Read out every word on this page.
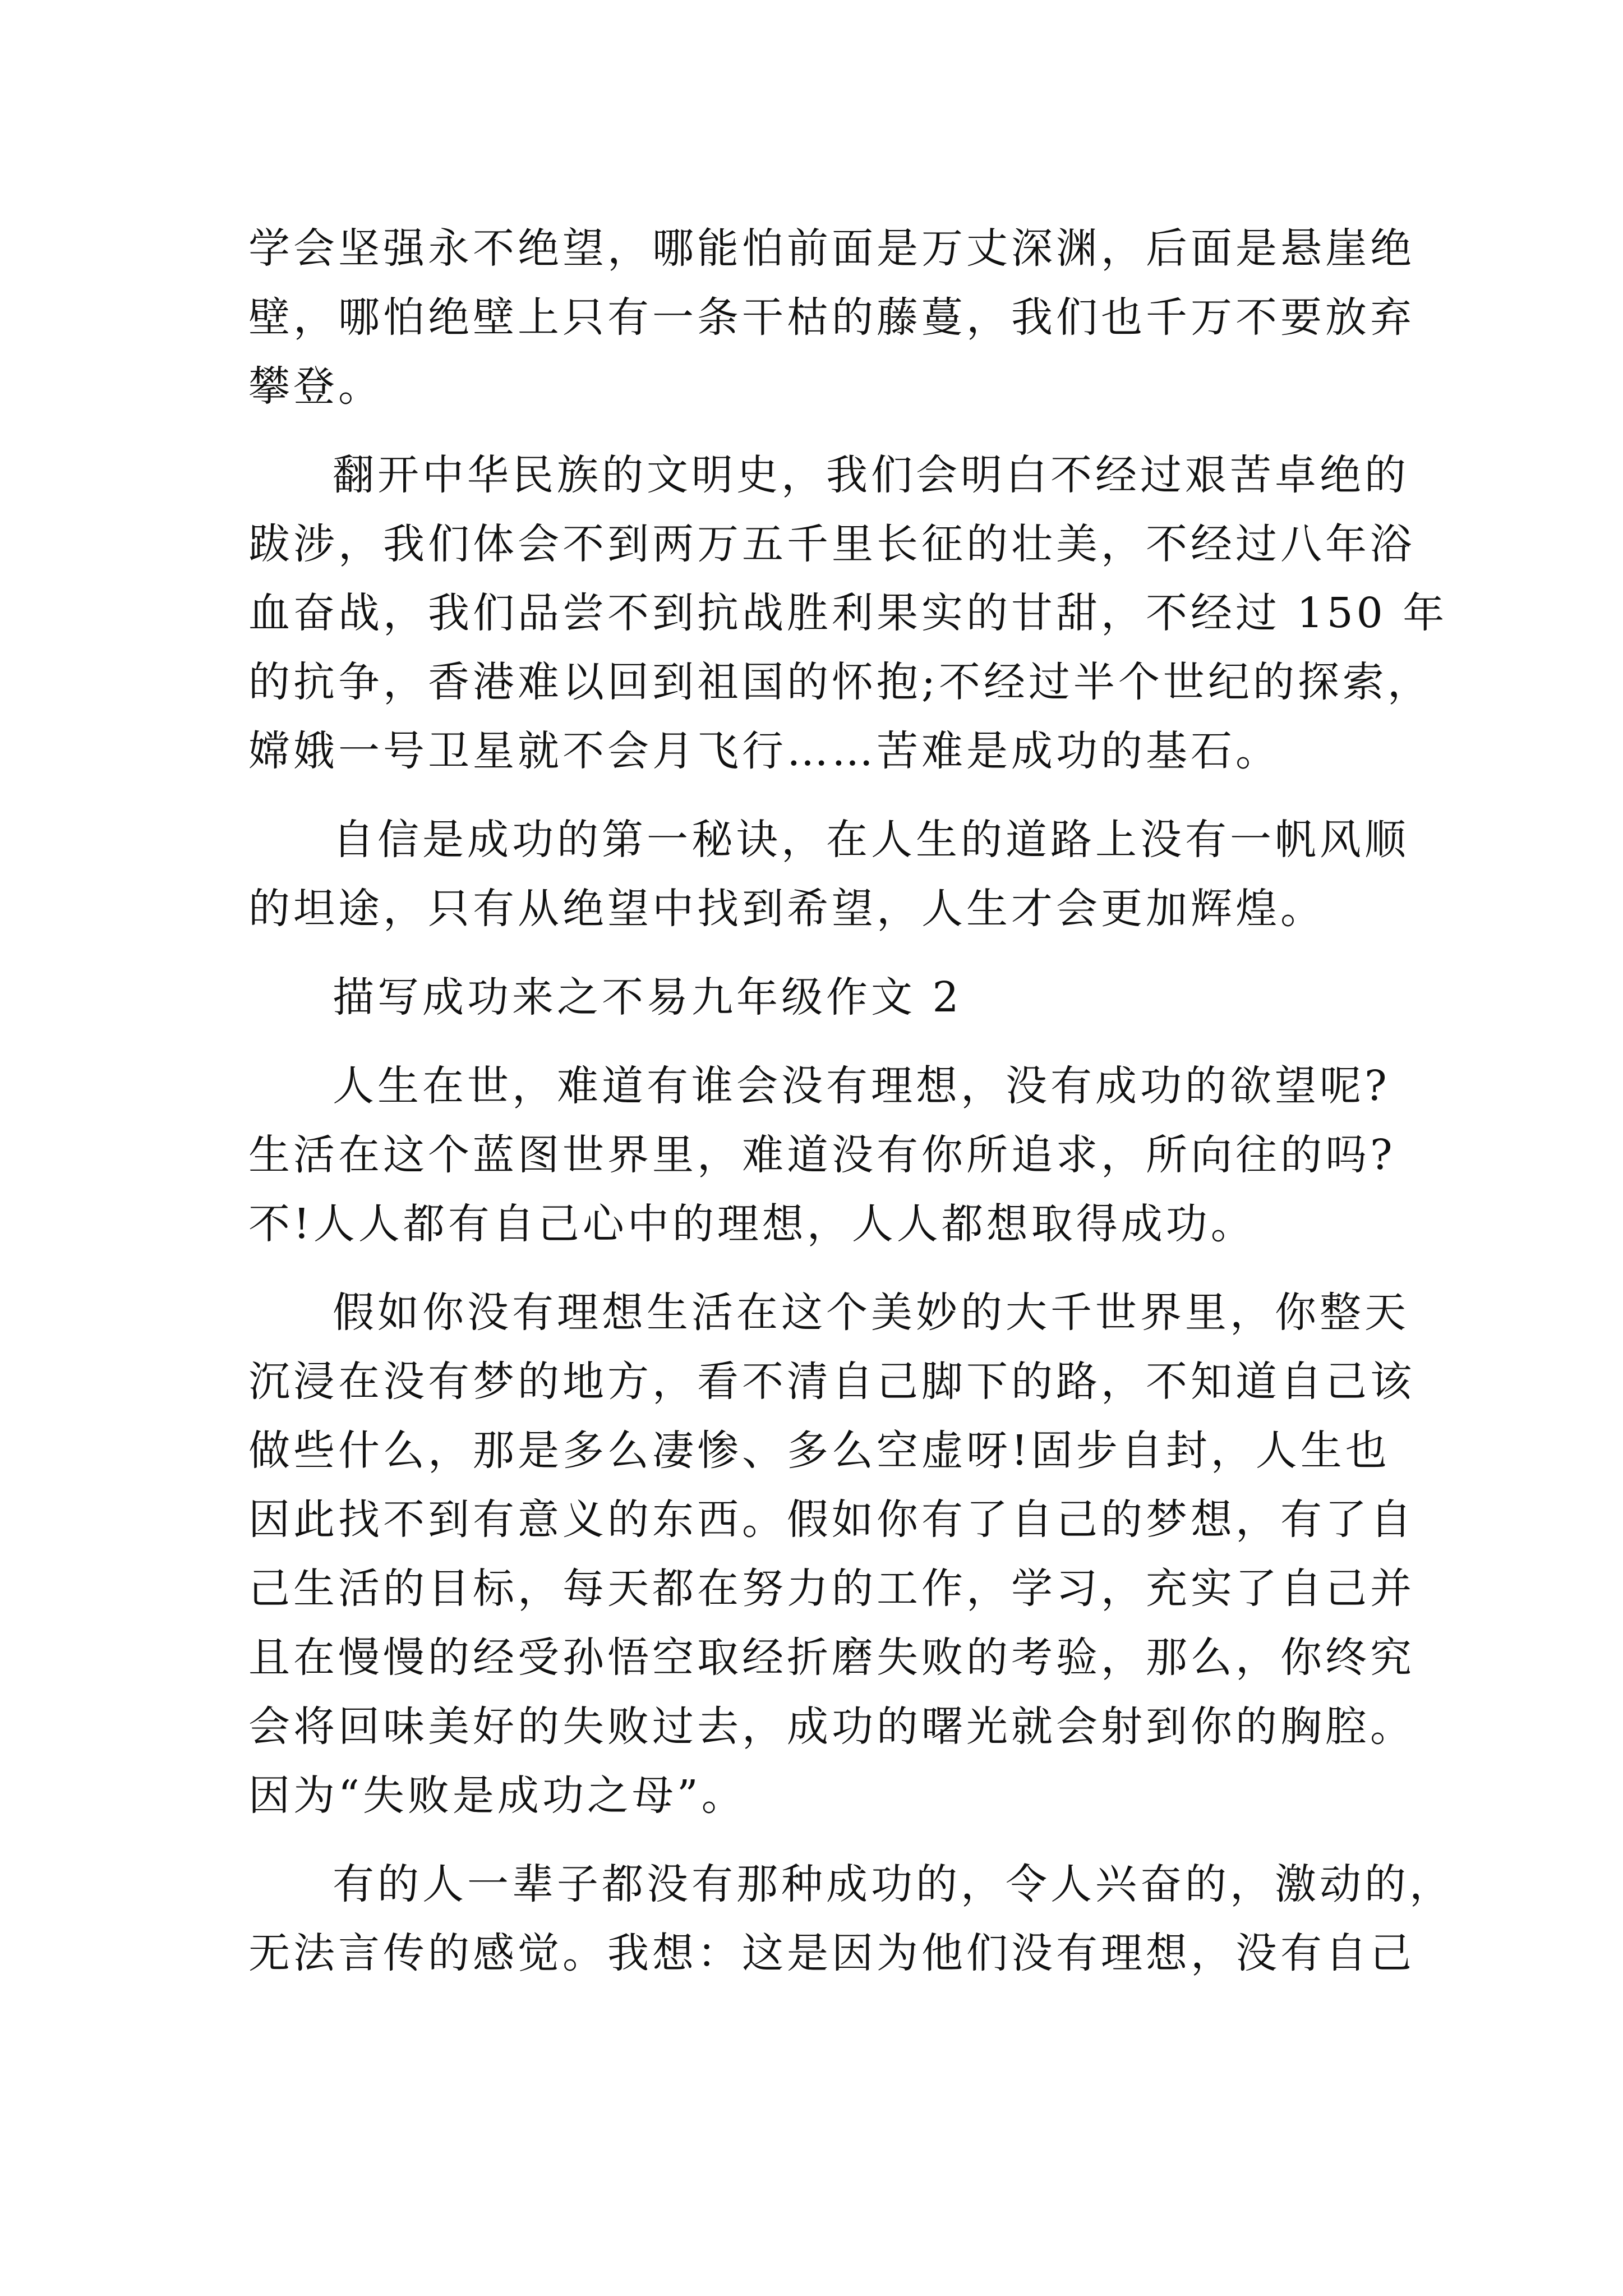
学会坚强永不绝望，哪能怕前面是万丈深渊，后面是悬崖绝
壁，哪怕绝壁上只有一条干枯的藤蔓，我们也千万不要放弃
攀登。
翻开中华民族的文明史，我们会明白不经过艰苦卓绝的
跋涉，我们体会不到两万五千里长征的壮美，不经过八年浴
血奋战，我们品尝不到抗战胜利果实的甘甜，不经过 150 年
的抗争，香港难以回到祖国的怀抱;不经过半个世纪的探索，
嫦娥一号卫星就不会月飞行……苦难是成功的基石。
自信是成功的第一秘诀，在人生的道路上没有一帆风顺
的坦途，只有从绝望中找到希望，人生才会更加辉煌。
描写成功来之不易九年级作文 2
人生在世，难道有谁会没有理想，没有成功的欲望呢?
生活在这个蓝图世界里，难道没有你所追求，所向往的吗?
不!人人都有自己心中的理想，人人都想取得成功。
假如你没有理想生活在这个美妙的大千世界里，你整天
沉浸在没有梦的地方，看不清自己脚下的路，不知道自己该
做些什么，那是多么凄惨、多么空虚呀!固步自封，人生也
因此找不到有意义的东西。假如你有了自己的梦想，有了自
己生活的目标，每天都在努力的工作，学习，充实了自己并
且在慢慢的经受孙悟空取经折磨失败的考验，那么，你终究
会将回味美好的失败过去，成功的曙光就会射到你的胸腔。
因为“失败是成功之母”。
有的人一辈子都没有那种成功的，令人兴奋的，激动的，
无法言传的感觉。我想：这是因为他们没有理想，没有自己
